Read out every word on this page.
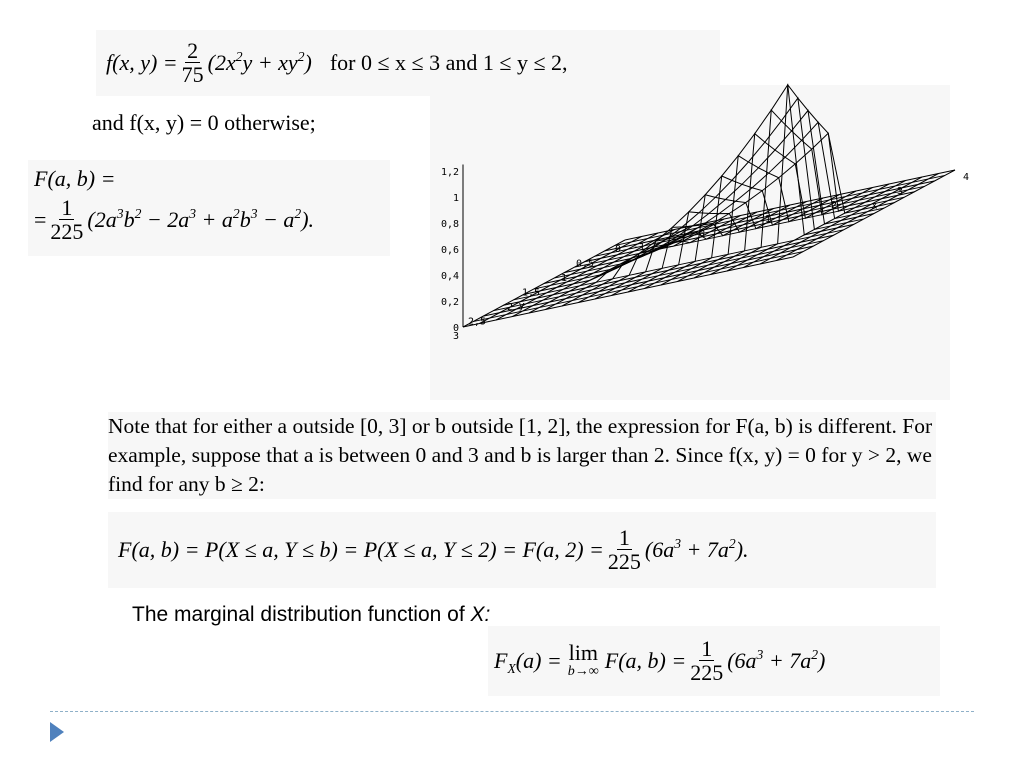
f(x, $y) = \frac{2}{75} (2x^2y + xy^2)$ for 0 ≤ x ≤ 3 and 1 ≤ y ≤ 2,
and f(x, y) = 0 otherwise;
F(a, b) =
= $\frac{1}{225} (2a^3b^2 - 2a^3 + a^2b^3 - a^2)$.
1,2
1
0,8
0,6
0,4
0,2
0
3
2,5
2
1,5
1
0,5
0
y
-1
0
1
2
3
4
x
Note that for either a outside [0, 3] or b outside [1, 2], the expression for F(a, b) is different. For example, suppose that a is between 0 and 3 and b is larger than 2. Since f(x, y) = 0 for y > 2, we find for any b ≥ 2:
F(a, b) = P(X ≤ a, Y ≤ b) = P(X ≤ a, Y ≤ 2) = F(a, $2) = \frac{1}{225} (6a^3 + 7a^2)$.
The marginal distribution function of X:
$F_X(a) = \lim$
b→∞ F(a, $b) = \frac{1}{225} (6a^3 + 7a^2)$
